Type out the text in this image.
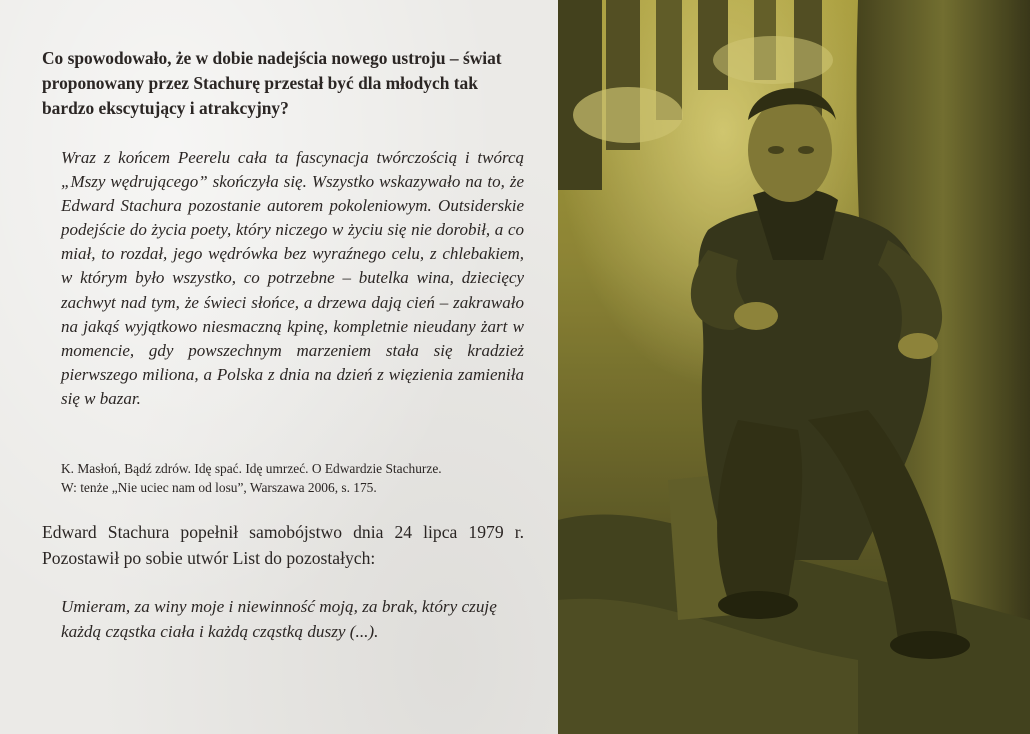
Co spowodowało, że w dobie nadejścia nowego ustroju – świat proponowany przez Stachurę przestał być dla młodych tak bardzo ekscytujący i atrakcyjny?

Wraz z końcem Peerelu cała ta fascynacja twórczością i twórcą „Mszy wędrującego” skończyła się. Wszystko wskazywało na to, że Edward Stachura pozostanie autorem pokoleniowym. Outsiderskie podejście do życia poety, który niczego w życiu się nie dorobił, a co miał, to rozdał, jego wędrówka bez wyraźnego celu, z chlebakiem, w którym było wszystko, co potrzebne – butelka wina, dziecięcy zachwyt nad tym, że świeci słońce, a drzewa dają cień – zakrawało na jakąś wyjątkowo niesmaczną kpinę, kompletnie nieudany żart w momencie, gdy powszechnym marzeniem stała się kradzież pierwszego miliona, a Polska z dnia na dzień z więzienia zamieniła się w bazar.

K. Masłoń, Bądź zdrów. Idę spać. Idę umrzeć. O Edwardzie Stachurze.
W: tenże „Nie uciec nam od losu”, Warszawa 2006, s. 175.

Edward Stachura popełnił samobójstwo dnia 24 lipca 1979 r. Pozostawił po sobie utwór List do pozostałych:

Umieram, za winy moje i niewinność moją, za brak, który czuję każdą cząstka ciała i każdą cząstką duszy (...).
